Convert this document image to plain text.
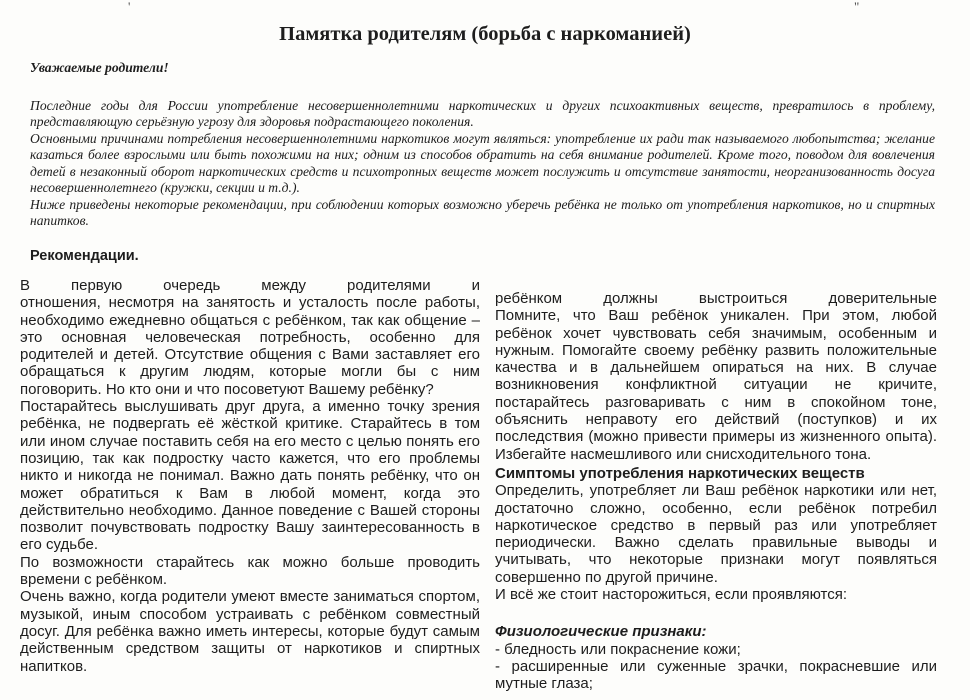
'	"
Памятка родителям (борьба с наркоманией)
Уважаемые родители!

Последние годы для России употребление несовершеннолетними наркотических и других психоактивных веществ, превратилось в проблему, представляющую серьёзную угрозу для здоровья подрастающего поколения.

Основными причинами потребления несовершеннолетними наркотиков могут являться: употребление их ради так называемого любопытства; желание казаться более взрослыми или быть похожими на них; одним из способов обратить на себя внимание родителей. Кроме того, поводом для вовлечения детей в незаконный оборот наркотических средств и психотропных веществ может послужить и отсутствие занятости, неорганизованность досуга несовершеннолетнего (кружки, секции и т.д.).

Ниже приведены некоторые рекомендации, при соблюдении которых возможно уберечь ребёнка не только от употребления наркотиков, но и спиртных напитков.

Рекомендации.

В первую очередь между родителями и

отношения, несмотря на занятость и усталость после работы, необходимо ежедневно общаться с ребёнком, так как общение – это основная человеческая потребность, особенно для родителей и детей. Отсутствие общения с Вами заставляет его обращаться к другим людям, которые могли бы с ним поговорить. Но кто они и что посоветуют Вашему ребёнку?

Постарайтесь выслушивать друг друга, а именно точку зрения ребёнка, не подвергать её жёсткой критике. Старайтесь в том или ином случае поставить себя на его место с целью понять его позицию, так как подростку часто кажется, что его проблемы никто и никогда не понимал. Важно дать понять ребёнку, что он может обратиться к Вам в любой момент, когда это действительно необходимо. Данное поведение с Вашей стороны позволит почувствовать подростку Вашу заинтересованность в его судьбе.

По возможности старайтесь как можно больше проводить времени с ребёнком.

Очень важно, когда родители умеют вместе заниматься спортом, музыкой, иным способом устраивать с ребёнком совместный досуг. Для ребёнка важно иметь интересы, которые будут самым действенным средством защиты от наркотиков и спиртных напитков.

ребёнком должны выстроиться доверительные

Помните, что Ваш ребёнок уникален. При этом, любой ребёнок хочет чувствовать себя значимым, особенным и нужным. Помогайте своему ребёнку развить положительные качества и в дальнейшем опираться на них. В случае возникновения конфликтной ситуации не кричите, постарайтесь разговаривать с ним в спокойном тоне, объяснить неправоту его действий (поступков) и их последствия (можно привести примеры из жизненного опыта). Избегайте насмешливого или снисходительного тона.

Симптомы употребления наркотических веществ

Определить, употребляет ли Ваш ребёнок наркотики или нет, достаточно сложно, особенно, если ребёнок потребил наркотическое средство в первый раз или употребляет периодически. Важно сделать правильные выводы и учитывать, что некоторые признаки могут появляться совершенно по другой причине.

И всё же стоит насторожиться, если проявляются:

Физиологические признаки:

- бледность или покраснение кожи;

- расширенные или суженные зрачки, покрасневшие или мутные глаза;
